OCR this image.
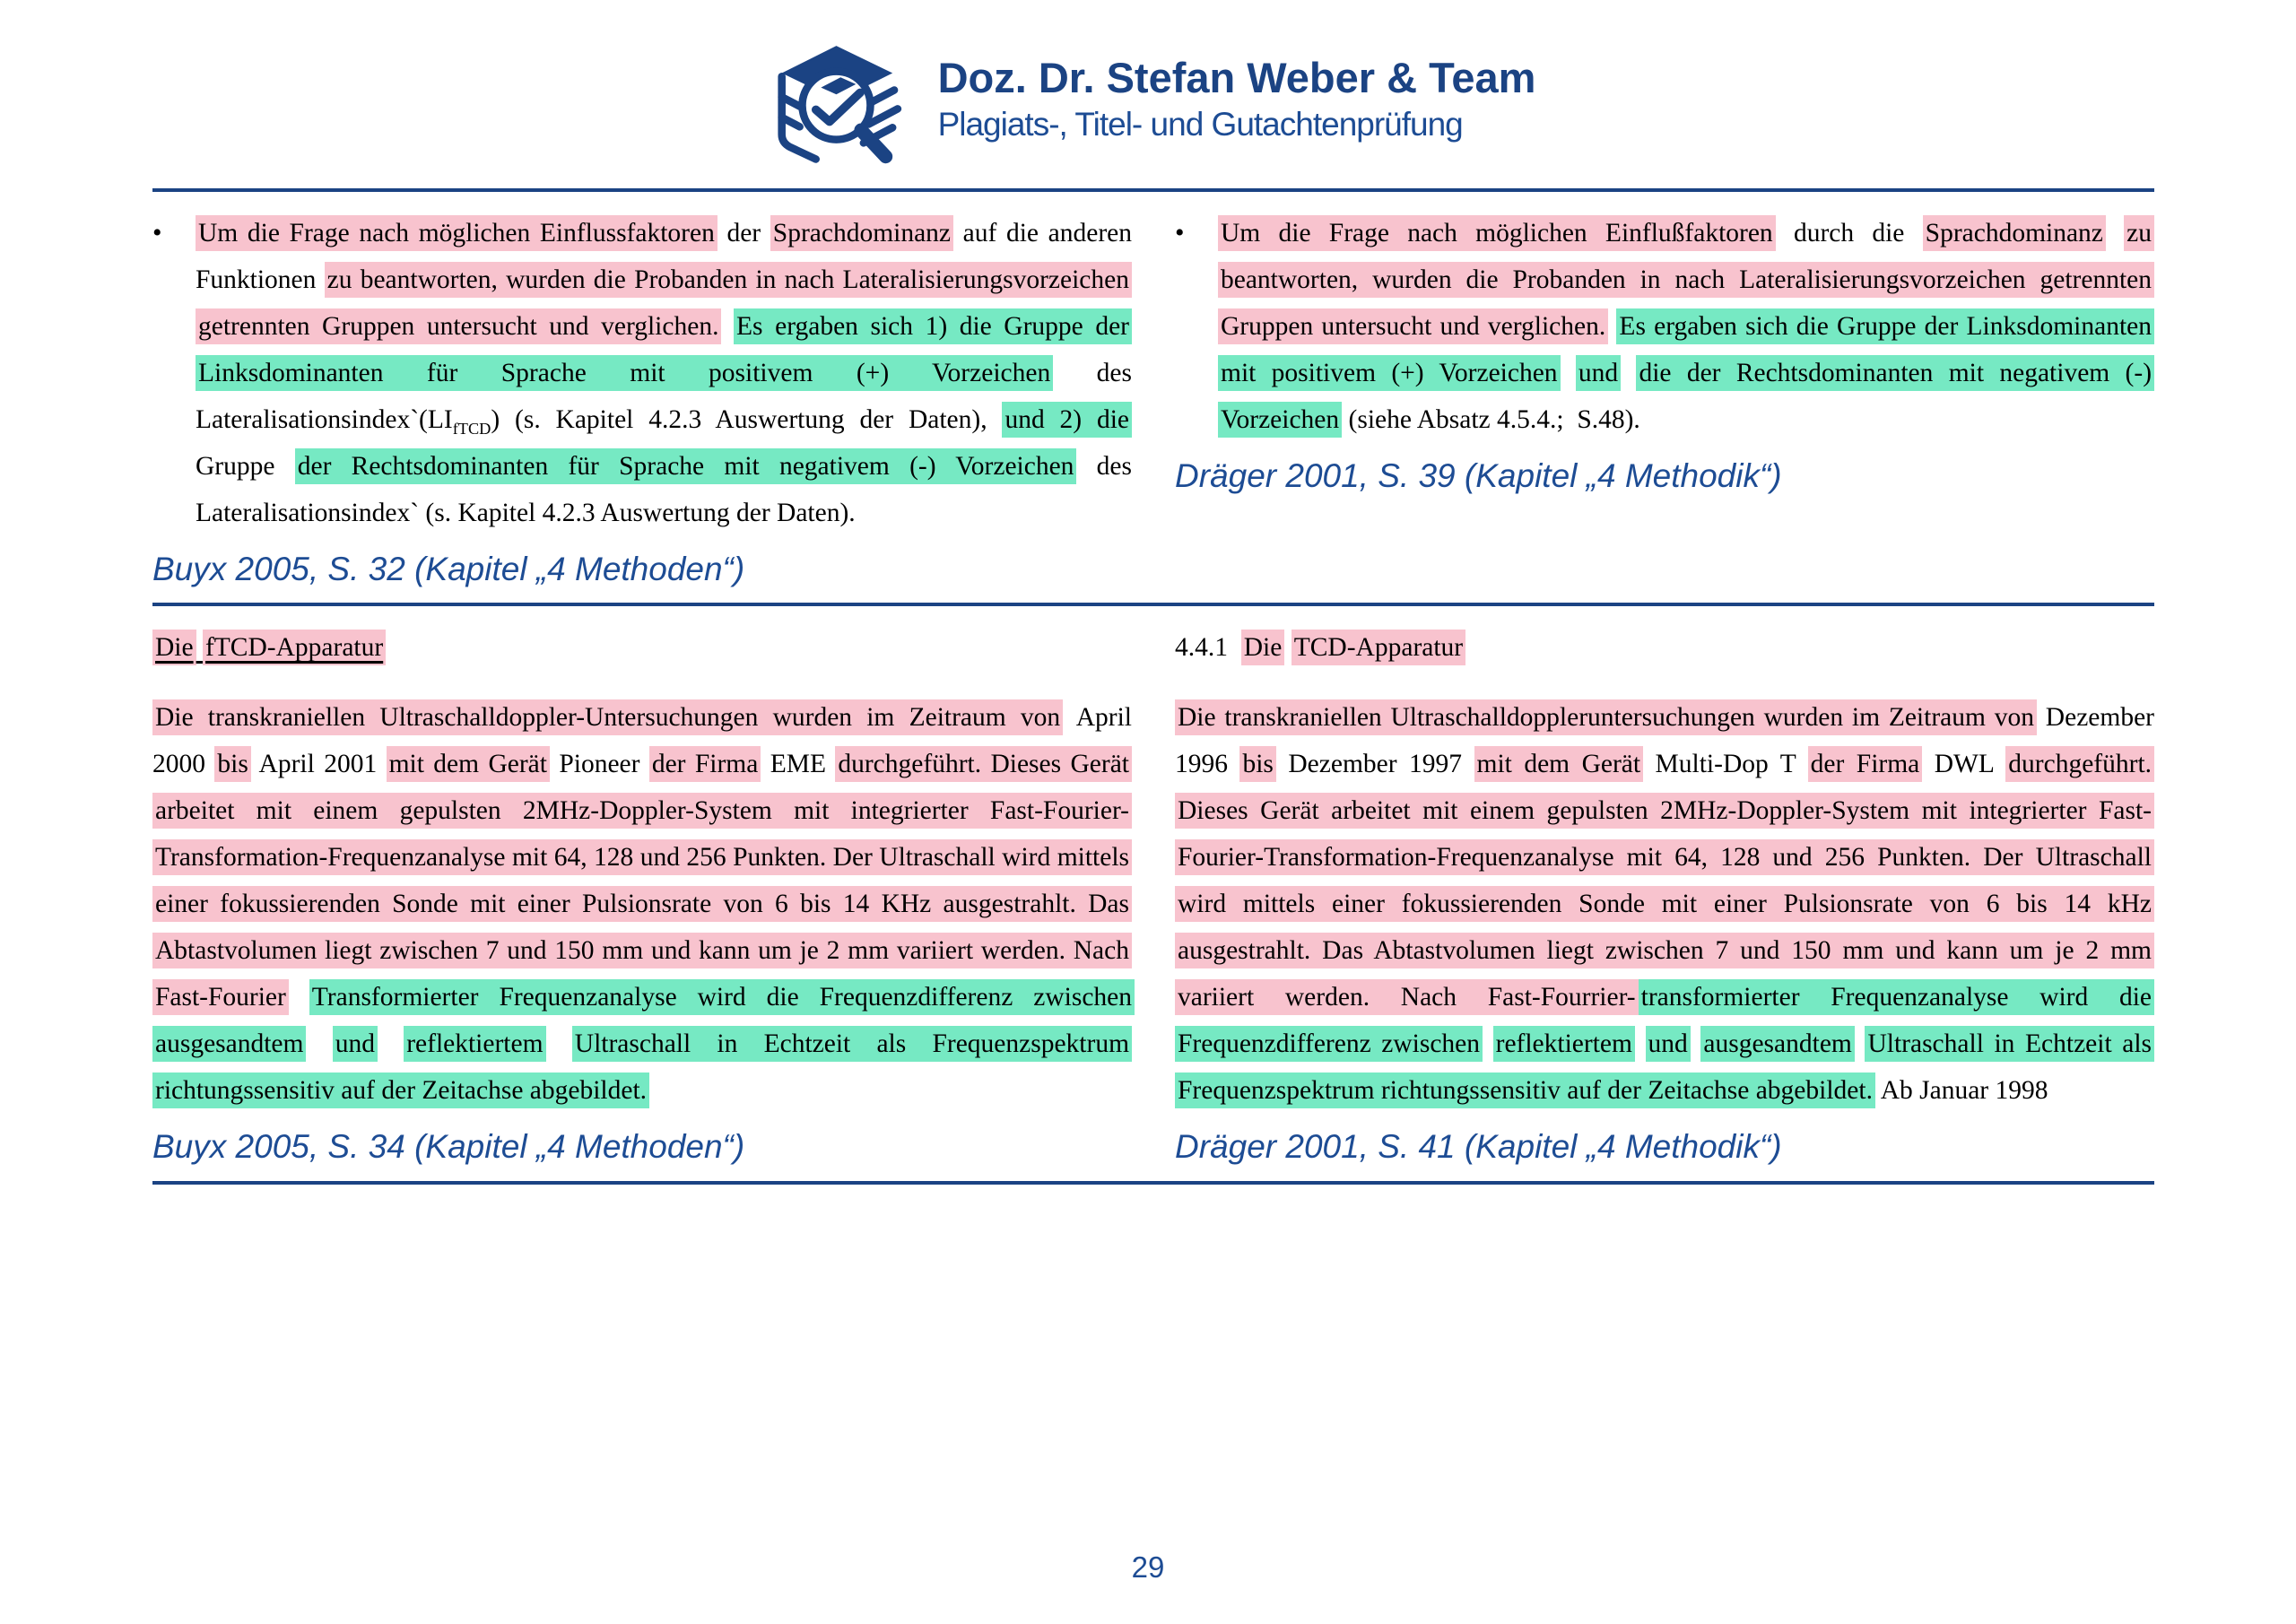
Doz. Dr. Stefan Weber & Team
Plagiats-, Titel- und Gutachtenprüfung
•	Um die Frage nach möglichen Einflussfaktoren der Sprachdominanz auf die anderen Funktionen zu beantworten, wurden die Probanden in nach Lateralisierungsvorzeichen getrennten Gruppen untersucht und verglichen. Es ergaben sich 1) die Gruppe der Linksdominanten für Sprache mit positivem (+) Vorzeichen des $Lateralisationsindex`(LI_{fTCD})$ (s. Kapitel 4.2.3 Auswertung der Daten), und 2) die Gruppe der Rechtsdominanten für Sprache mit negativem (-) Vorzeichen des Lateralisationsindex` (s. Kapitel 4.2.3 Auswertung der Daten).

Buyx 2005, S. 32 (Kapitel „4 Methoden“)

•	Um die Frage nach möglichen Einflußfaktoren durch die Sprachdominanz zu beantworten, wurden die Probanden in nach Lateralisierungsvorzeichen getrennten Gruppen untersucht und verglichen. Es ergaben sich die Gruppe der Linksdominanten mit positivem (+) Vorzeichen und die der Rechtsdominanten mit negativem (-) Vorzeichen (siehe Absatz 4.5.4.;  S.48).

Dräger 2001, S. 39 (Kapitel „4 Methodik“)

Die fTCD-Apparatur

Die transkraniellen Ultraschalldoppler-Untersuchungen wurden im Zeitraum von April 2000 bis April 2001 mit dem Gerät Pioneer der Firma EME durchgeführt. Dieses Gerät arbeitet mit einem gepulsten 2MHz-Doppler-System mit integrierter Fast-Fourier-Transformation-Frequenzanalyse mit 64, 128 und 256 Punkten. Der Ultraschall wird mittels einer fokussierenden Sonde mit einer Pulsionsrate von 6 bis 14 KHz ausgestrahlt. Das Abtastvolumen liegt zwischen 7 und 150 mm und kann um je 2 mm variiert werden. Nach Fast-Fourier Transformierter Frequenzanalyse wird die Frequenzdifferenz zwischen ausgesandtem und reflektiertem Ultraschall in Echtzeit als Frequenzspektrum richtungssensitiv auf der Zeitachse abgebildet.

Buyx 2005, S. 34 (Kapitel „4 Methoden“)

4.4.1 Die TCD-Apparatur

Die transkraniellen Ultraschalldoppleruntersuchungen wurden im Zeitraum von Dezember 1996 bis Dezember 1997 mit dem Gerät Multi-Dop T der Firma DWL durchgeführt. Dieses Gerät arbeitet mit einem gepulsten 2MHz-Doppler-System mit integrierter Fast-Fourier-Transformation-Frequenzanalyse mit 64, 128 und 256 Punkten. Der Ultraschall wird mittels einer fokussierenden Sonde mit einer Pulsionsrate von 6 bis 14 kHz ausgestrahlt. Das Abtastvolumen liegt zwischen 7 und 150 mm und kann um je 2 mm variiert werden. Nach Fast-Fourrier- transformierter Frequenzanalyse wird die Frequenzdifferenz zwischen reflektiertem und ausgesandtem Ultraschall in Echtzeit als Frequenzspektrum richtungssensitiv auf der Zeitachse abgebildet. Ab Januar 1998

Dräger 2001, S. 41 (Kapitel „4 Methodik“)

29
